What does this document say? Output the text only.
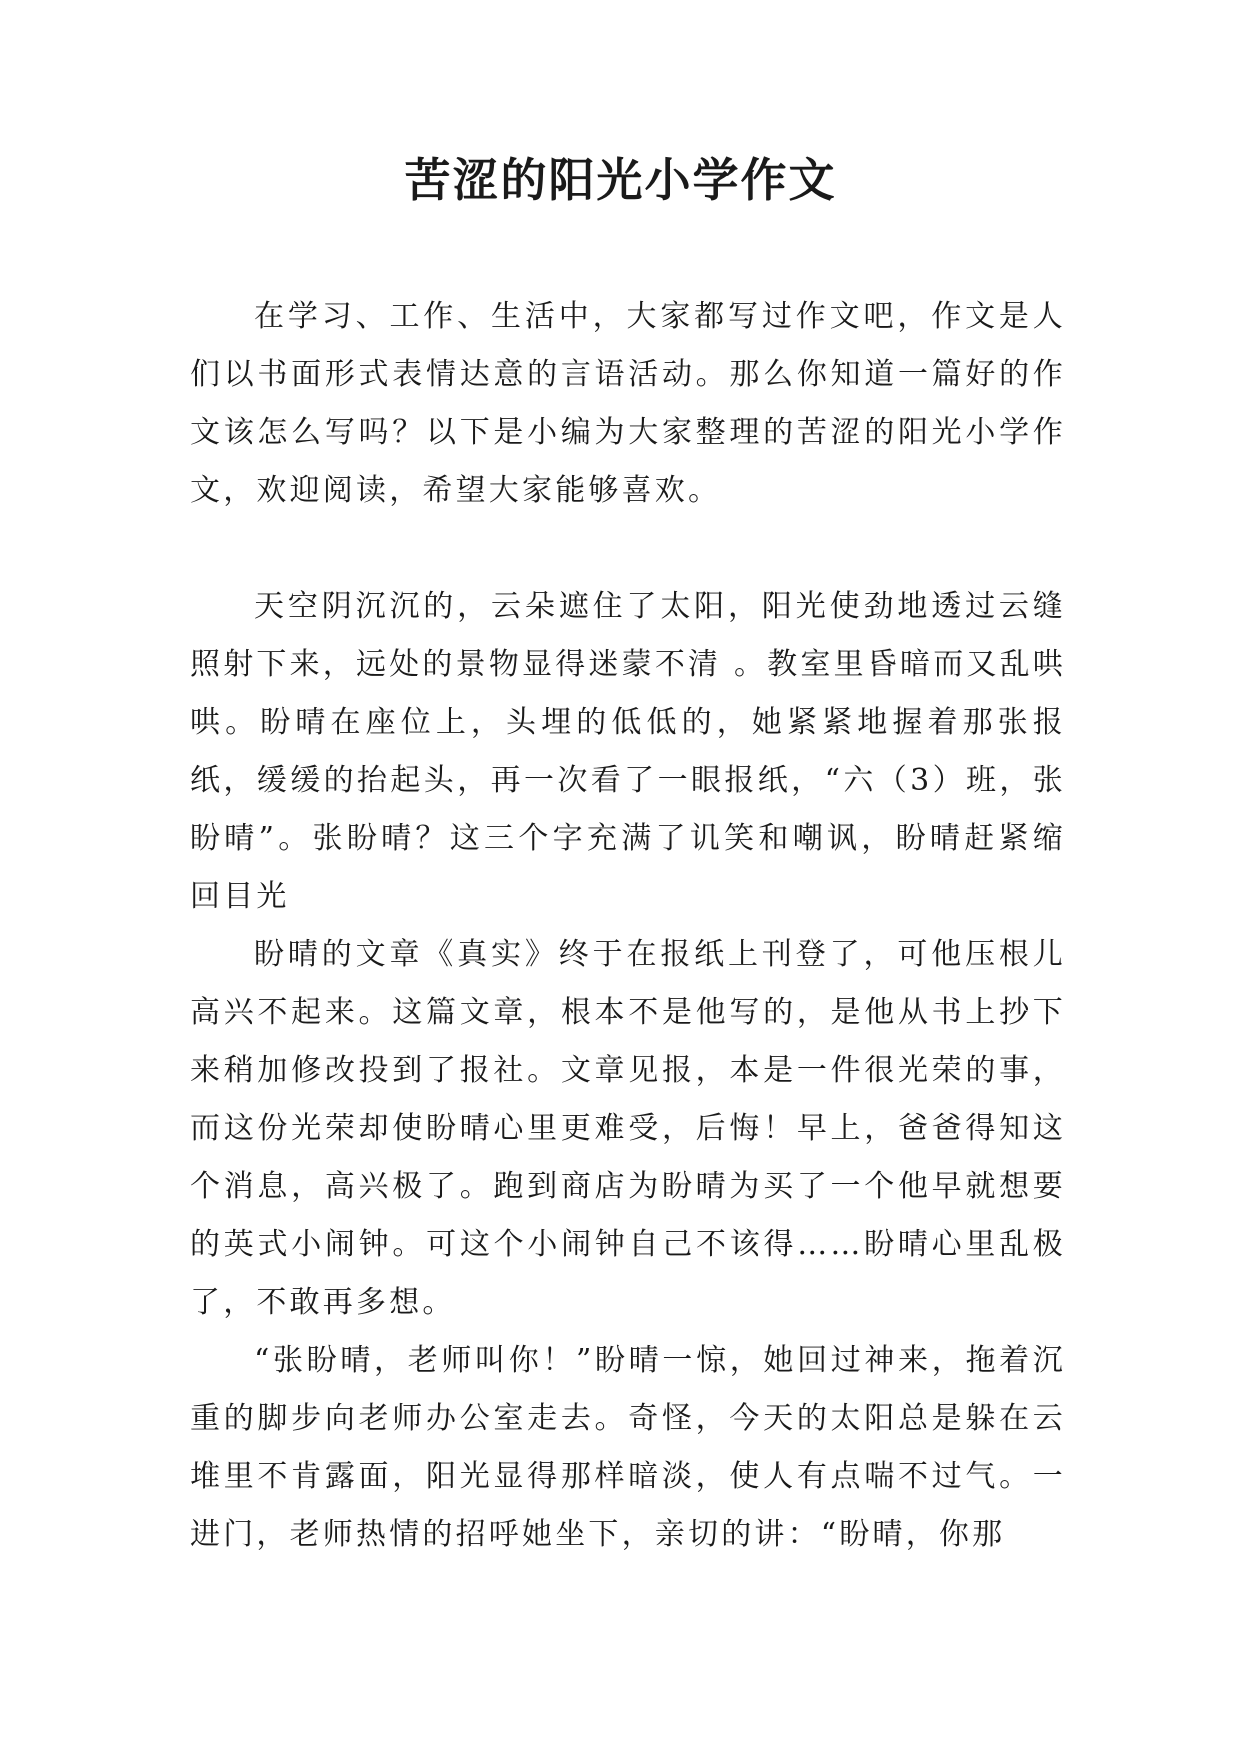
苦涩的阳光小学作文

在学习、工作、生活中，大家都写过作文吧，作文是人们以书面形式表情达意的言语活动。那么你知道一篇好的作文该怎么写吗？以下是小编为大家整理的苦涩的阳光小学作文，欢迎阅读，希望大家能够喜欢。

天空阴沉沉的，云朵遮住了太阳，阳光使劲地透过云缝照射下来，远处的景物显得迷蒙不清 。教室里昏暗而又乱哄哄。盼晴在座位上，头埋的低低的，她紧紧地握着那张报纸，缓缓的抬起头，再一次看了一眼报纸，“六（3）班，张盼晴”。张盼晴？这三个字充满了讥笑和嘲讽，盼晴赶紧缩回目光

盼晴的文章《真实》终于在报纸上刊登了，可他压根儿高兴不起来。这篇文章，根本不是他写的，是他从书上抄下来稍加修改投到了报社。文章见报，本是一件很光荣的事，而这份光荣却使盼晴心里更难受，后悔！早上，爸爸得知这个消息，高兴极了。跑到商店为盼晴为买了一个他早就想要的英式小闹钟。可这个小闹钟自己不该得……盼晴心里乱极了，不敢再多想。

“张盼晴，老师叫你！”盼晴一惊，她回过神来，拖着沉重的脚步向老师办公室走去。奇怪，今天的太阳总是躲在云堆里不肯露面，阳光显得那样暗淡，使人有点喘不过气。一进门，老师热情的招呼她坐下，亲切的讲：“盼晴，你那
